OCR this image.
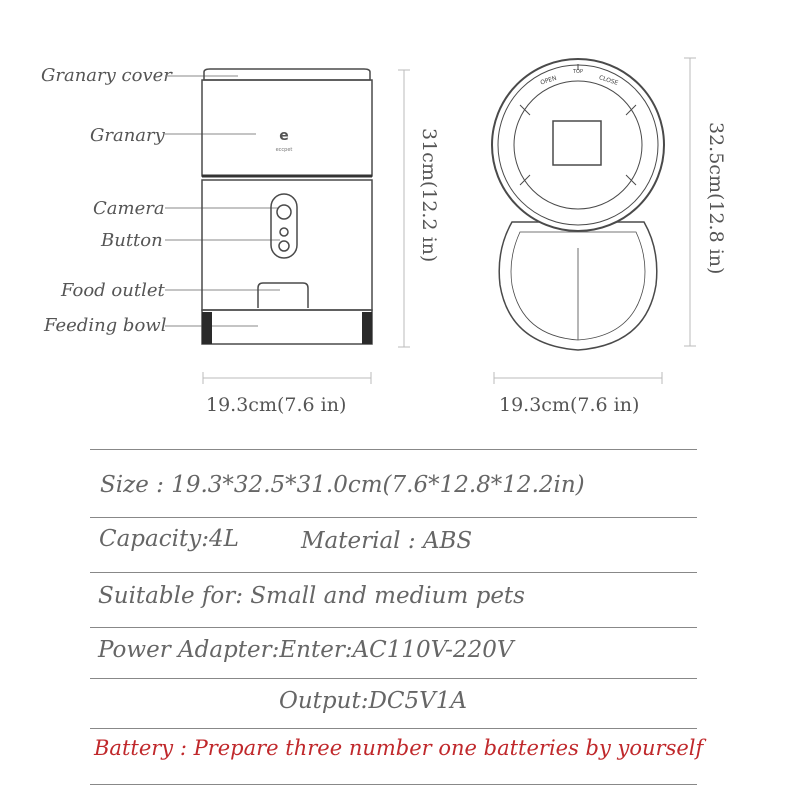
Granary cover
Granary
Camera
Button
Food outlet
Feeding bowl
e
eccpet
OPEN
TOP
CLOSE
31cm(12.2 in)	32.5cm(12.8 in)
19.3cm(7.6 in)	19.3cm(7.6 in)
Size : 19.3*32.5*31.0cm(7.6*12.8*12.2in)
Capacity:4L	Material : ABS
Suitable for: Small and medium pets
Power Adapter:Enter:AC110V-220V
Output:DC5V1A
Battery : Prepare three number one batteries by yourself
